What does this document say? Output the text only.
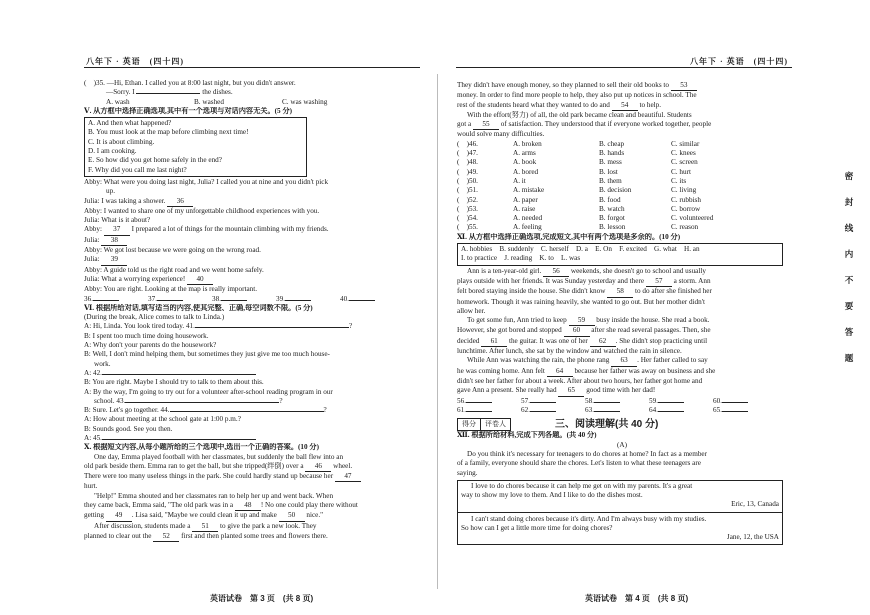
八年下 · 英语　(四十四)
(　)35. —Hi, Ethan. I called you at 8:00 last night, but you didn't answer.
—Sorry. I	the dishes.
A. wash	B. washed	C. was washing
Ⅴ. 从方框中选择正确选项,其中有一个选项与对话内容无关。(5 分)
A. And then what happened?
B. You must look at the map before climbing next time!
C. It is about climbing.
D. I am cooking.
E. So how did you get home safely in the end?
F. Why did you call me last night?
Abby: What were you doing last night, Julia? I called you at nine and you didn't pick
up.
Julia: I was taking a shower. 36
Abby: I wanted to share one of my unforgettable childhood experiences with you.
Julia: What is it about?
Abby: 37 I prepared a lot of things for the mountain climbing with my friends.
Julia: 38
Abby: We got lost because we were going on the wrong road.
Julia: 39
Abby: A guide told us the right road and we went home safely.
Julia: What a worrying experience! 40
Abby: You are right. Looking at the map is really important.
36.	37.	38.	39.	40.
Ⅵ. 根据所给对话,填写适当的内容,使其完整、正确,每空词数不限。(5 分)
(During the break, Alice comes to talk to Linda.)
A: Hi, Linda. You look tired today. 41.	?
B: I spent too much time doing housework.
A: Why don't your parents do the housework?
B: Well, I don't mind helping them, but sometimes they just give me too much house-
work.
A: 42.
B: You are right. Maybe I should try to talk to them about this.
A: By the way, I'm going to try out for a volunteer after-school reading program in our
school. 43.	?
B: Sure. Let's go together. 44.	?
A: How about meeting at the school gate at 1:00 p.m.?
B: Sounds good. See you then.
A: 45.
Ⅹ. 根据短文内容,从每小题所给的三个选项中,选出一个正确的答案。(10 分)
One day, Emma played football with her classmates, but suddenly the ball flew into an
old park beside them. Emma ran to get the ball, but she tripped(绊倒) over a 46 wheel.
There were too many useless things in the park. She could hardly stand up because her 47
hurt.
"Help!" Emma shouted and her classmates ran to help her up and went back. When
they came back, Emma said, "The old park was in a 48 ! No one could play there without
getting 49 . Lisa said, "Maybe we could clean it up and make 50 nice."
After discussion, students made a 51 to give the park a new look. They
planned to clear out the 52 first and then planted some trees and flowers there.
英语试卷　第 3 页　(共 8 页)
八年下 · 英语　(四十四)
They didn't have enough money, so they planned to sell their old books to 53
money. In order to find more people to help, they also put up notices in school. The
rest of the students heard what they wanted to do and 54 to help.
With the effort(努力) of all, the old park became clean and beautiful. Students
got a 55 of satisfaction. They understood that if everyone worked together, people
would solve many difficulties.
(　)46.	A. broken	B. cheap	C. similar
(　)47.	A. arms	B. hands	C. knees
(　)48.	A. book	B. mess	C. screen
(　)49.	A. bored	B. lost	C. hurt
(　)50.	A. it	B. them	C. its
(　)51.	A. mistake	B. decision	C. living
(　)52.	A. paper	B. food	C. rubbish
(　)53.	A. raise	B. watch	C. borrow
(　)54.	A. needed	B. forgot	C. volunteered
(　)55.	A. feeling	B. lesson	C. reason
Ⅺ. 从方框中选择正确选项,完成短文,其中有两个选项是多余的。(10 分)
A. hobbies　B. suddenly　C. herself　D. a　E. On　F. excited　G. what　H. an
I. to practice　J. reading　K. to　L. was
Ann is a ten-year-old girl. 56 weekends, she doesn't go to school and usually
plays outside with her friends. It was Sunday yesterday and there 57 a storm. Ann
felt bored staying inside the house. She didn't know 58 to do after she finished her
homework. Though it was raining heavily, she wanted to go out. But her mother didn't
allow her.
To get some fun, Ann tried to keep 59 busy inside the house. She read a book.
However, she got bored and stopped 60 after she read several passages. Then, she
decided 61 the guitar. It was one of her 62 . She didn't stop practicing until
lunchtime. After lunch, she sat by the window and watched the rain in silence.
While Ann was watching the rain, the phone rang 63 . Her father called to say
he was coming home. Ann felt 64 because her father was away on business and she
didn't see her father for about a week. After about two hours, her father got home and
gave Ann a present. She really had 65 good time with her dad!
56.	57.	58.	59.	60.
61.	62.	63.	64.	65.
得分	评卷人	三、阅读理解(共 40 分)
Ⅻ. 根据所给材料,完成下列各题。(共 40 分)
(A)
Do you think it's necessary for teenagers to do chores at home? In fact as a member
of a family, everyone should share the chores. Let's listen to what these teenagers are
saying.
I love to do chores because it can help me get on with my parents. It's a great
way to show my love to them. And I like to do the dishes most.
Eric, 13, Canada
I can't stand doing chores because it's dirty. And I'm always busy with my studies.
So how can I get a little more time for doing chores?
Jane, 12, the USA
英语试卷　第 4 页　(共 8 页)
密
封
线
内
不
要
答
题
